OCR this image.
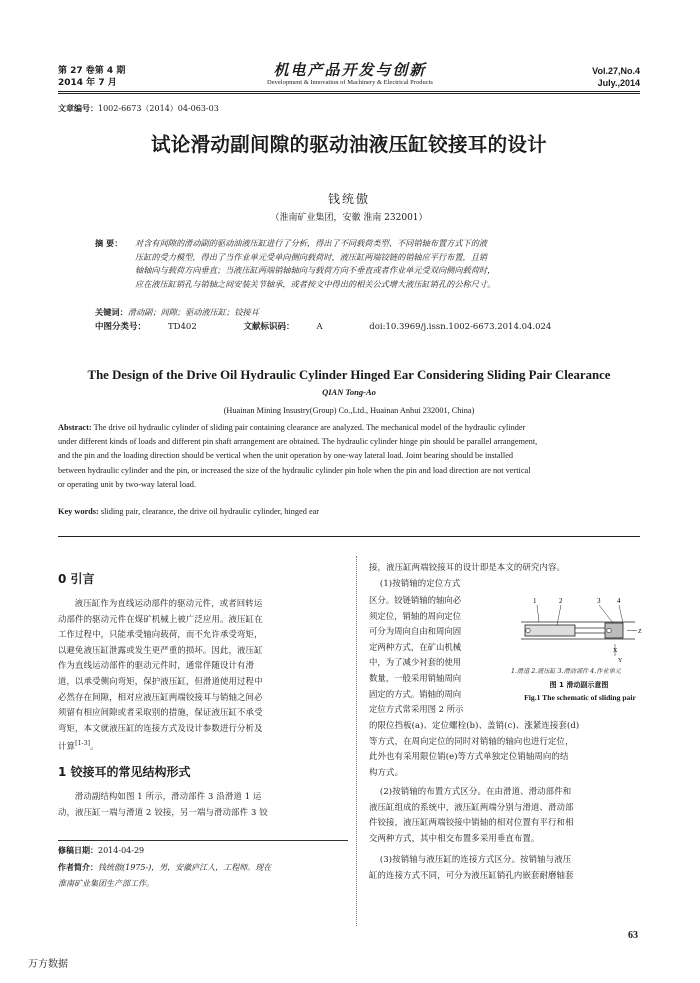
第 27 卷第 4 期
2014 年 7 月
机电产品开发与创新
Development & Innovation of Machinery & Electrical Products
Vol.27,No.4
July.,2014
文章编号：1002-6673（2014）04-063-03
试论滑动副间隙的驱动油液压缸铰接耳的设计
钱统傲
（淮南矿业集团，安徽 淮南 232001）
摘 要： 对含有间隙的滑动副的驱动油液压缸进行了分析，得出了不同载荷类型、不同销轴布置方式下的液
压缸的受力模型，得出了当作业单元受单向侧向载荷时，液压缸两端铰链的销轴应平行布置，且销
轴轴向与载荷方向垂直；当液压缸两端销轴轴向与载荷方向不垂直或者作业单元受双向侧向载荷时，
应在液压缸销孔与销轴之间安装关节轴承，或者按文中得出的相关公式增大液压缸销孔的公称尺寸。
关键词：滑动副；间隙；驱动液压缸；铰接耳
中图分类号：	TD402	文献标识码：	A	doi:10.3969/j.issn.1002-6673.2014.04.024
The Design of the Drive Oil Hydraulic Cylinder Hinged Ear Considering Sliding Pair Clearance
QIAN Tong-Ao
(Huainan Mining Insustry(Group) Co.,Ltd., Huainan Anhui 232001, China)
Abstract: The drive oil hydraulic cylinder of sliding pair containing clearance are analyzed. The mechanical model of the hydraulic cylinder
under different kinds of loads and different pin shaft arrangement are obtained. The hydraulic cylinder hinge pin should be parallel arrangement,
and the pin and the loading direction should be vertical when the unit operation by one-way lateral load. Joint bearing should be installed
between hydraulic cylinder and the pin, or increased the size of the hydraulic cylinder pin hole when the pin and load direction are not vertical
or operating unit by two-way lateral load.
Key words: sliding pair, clearance, the drive oil hydraulic cylinder, hinged ear
0 引言
液压缸作为直线运动部件的驱动元件，或者回转运
动部件的驱动元件在煤矿机械上被广泛应用。液压缸在
工作过程中，只能承受轴向载荷，而不允许承受弯矩，
以避免液压缸泄露或发生更严重的损坏。因此，液压缸
作为直线运动部件的驱动元件时，通常伴随设计有滑
道，以承受侧向弯矩，保护液压缸，但滑道使用过程中
必然存在间隙，相对应液压缸两端铰接耳与销轴之间必
须留有相应间隙或者采取别的措施，保证液压缸不承受
弯矩，本文就液压缸的连接方式及设计参数进行分析及
计算[1-3]。
1 铰接耳的常见结构形式
滑动副结构如图 1 所示，滑动部件 3 沿滑道 1 运
动，液压缸一端与滑道 2 铰接，另一端与滑动部件 3 铰
修稿日期：2014-04-29
作者简介：钱统傲(1975-)，男，安徽庐江人，工程师。现在
淮南矿业集团生产部工作。
接，液压缸两端铰接耳的设计即是本文的研究内容。
(1)按销轴的定位方式
区分。铰链销轴的轴向必
须定位，销轴的周向定位
可分为周向自由和周向固
定两种方式，在矿山机械
中，为了减少衬套的使用
数量，一般采用销轴周向
固定的方式。销轴的周向
定位方式常采用图 2 所示
1	2	3 4
Z
X
Y
1.滑道 2.液压缸 3.滑动部件 4.作业单元
图 1 滑动副示意图
Fig.1 The schematic of sliding pair
的限位挡板(a)、定位螺栓(b)、盖销(c)、涨紧连接套(d)
等方式，在周向定位的同时对销轴的轴向也进行定位，
此外也有采用限位销(e)等方式单独定位销轴周向的结
构方式。
(2)按销轴的布置方式区分。在由滑道、滑动部件和
液压缸组成的系统中，液压缸两端分别与滑道、滑动部
件铰接，液压缸两端铰接中销轴的相对位置有平行和相
交两种方式，其中相交布置多采用垂直布置。
(3)按销轴与液压缸的连接方式区分。按销轴与液压
缸的连接方式不同，可分为液压缸销孔内嵌套耐磨轴套
63
万方数据
